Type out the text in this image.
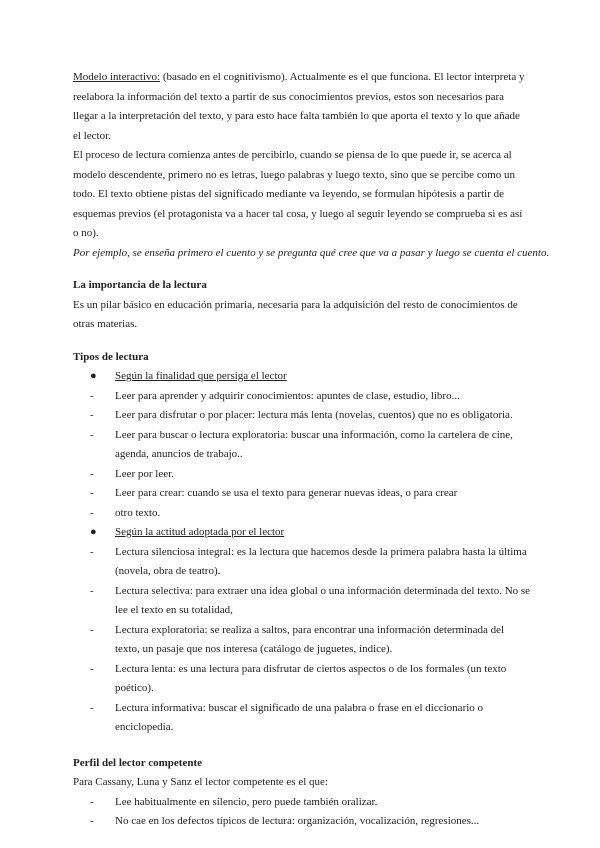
Modelo interactivo: (basado en el cognitivismo). Actualmente es el que funciona. El lector interpreta y
reelabora la información del texto a partir de sus conocimientos previos, estos son necesarios para
llegar a la interpretación del texto, y para esto hace falta también lo que aporta el texto y lo que añade
el lector.
El proceso de lectura comienza antes de percibirlo, cuando se piensa de lo que puede ir, se acerca al
modelo descendente, primero no es letras, luego palabras y luego texto, sino que se percibe como un
todo. El texto obtiene pistas del significado mediante va leyendo, se formulan hipótesis a partir de
esquemas previos (el protagonista va a hacer tal cosa, y luego al seguir leyendo se comprueba si es así
o no).
Por ejemplo, se enseña primero el cuento y se pregunta qué cree que va a pasar y luego se cuenta el cuento.
La importancia de la lectura
Es un pilar básico en educación primaria, necesaria para la adquisición del resto de conocimientos de
otras materias.
Tipos de lectura
● Según la finalidad que persiga el lector
- Leer para aprender y adquirir conocimientos: apuntes de clase, estudio, libro...
- Leer para disfrutar o por placer: lectura más lenta (novelas, cuentos) que no es obligatoria.
- Leer para buscar o lectura exploratoria: buscar una información, como la cartelera de cine,
agenda, anuncios de trabajo..
- Leer por leer.
- Leer para crear: cuando se usa el texto para generar nuevas ideas, o para crear
- otro texto.
● Según la actitud adoptada por el lector
- Lectura silenciosa integral: es la lectura que hacemos desde la primera palabra hasta la última
(novela, obra de teatro).
- Lectura selectiva: para extraer una idea global o una información determinada del texto. No se
lee el texto en su totalidad,
- Lectura exploratoria: se realiza a saltos, para encontrar una información determinada del
texto, un pasaje que nos interesa (catálogo de juguetes, índice).
- Lectura lenta: es una lectura para disfrutar de ciertos aspectos o de los formales (un texto
poético).
- Lectura informativa: buscar el significado de una palabra o frase en el diccionario o
enciclopedia.
Perfil del lector competente
Para Cassany, Luna y Sanz el lector competente es el que:
- Lee habitualmente en silencio, pero puede también oralizar.
- No cae en los defectos típicos de lectura: organización, vocalización, regresiones...
